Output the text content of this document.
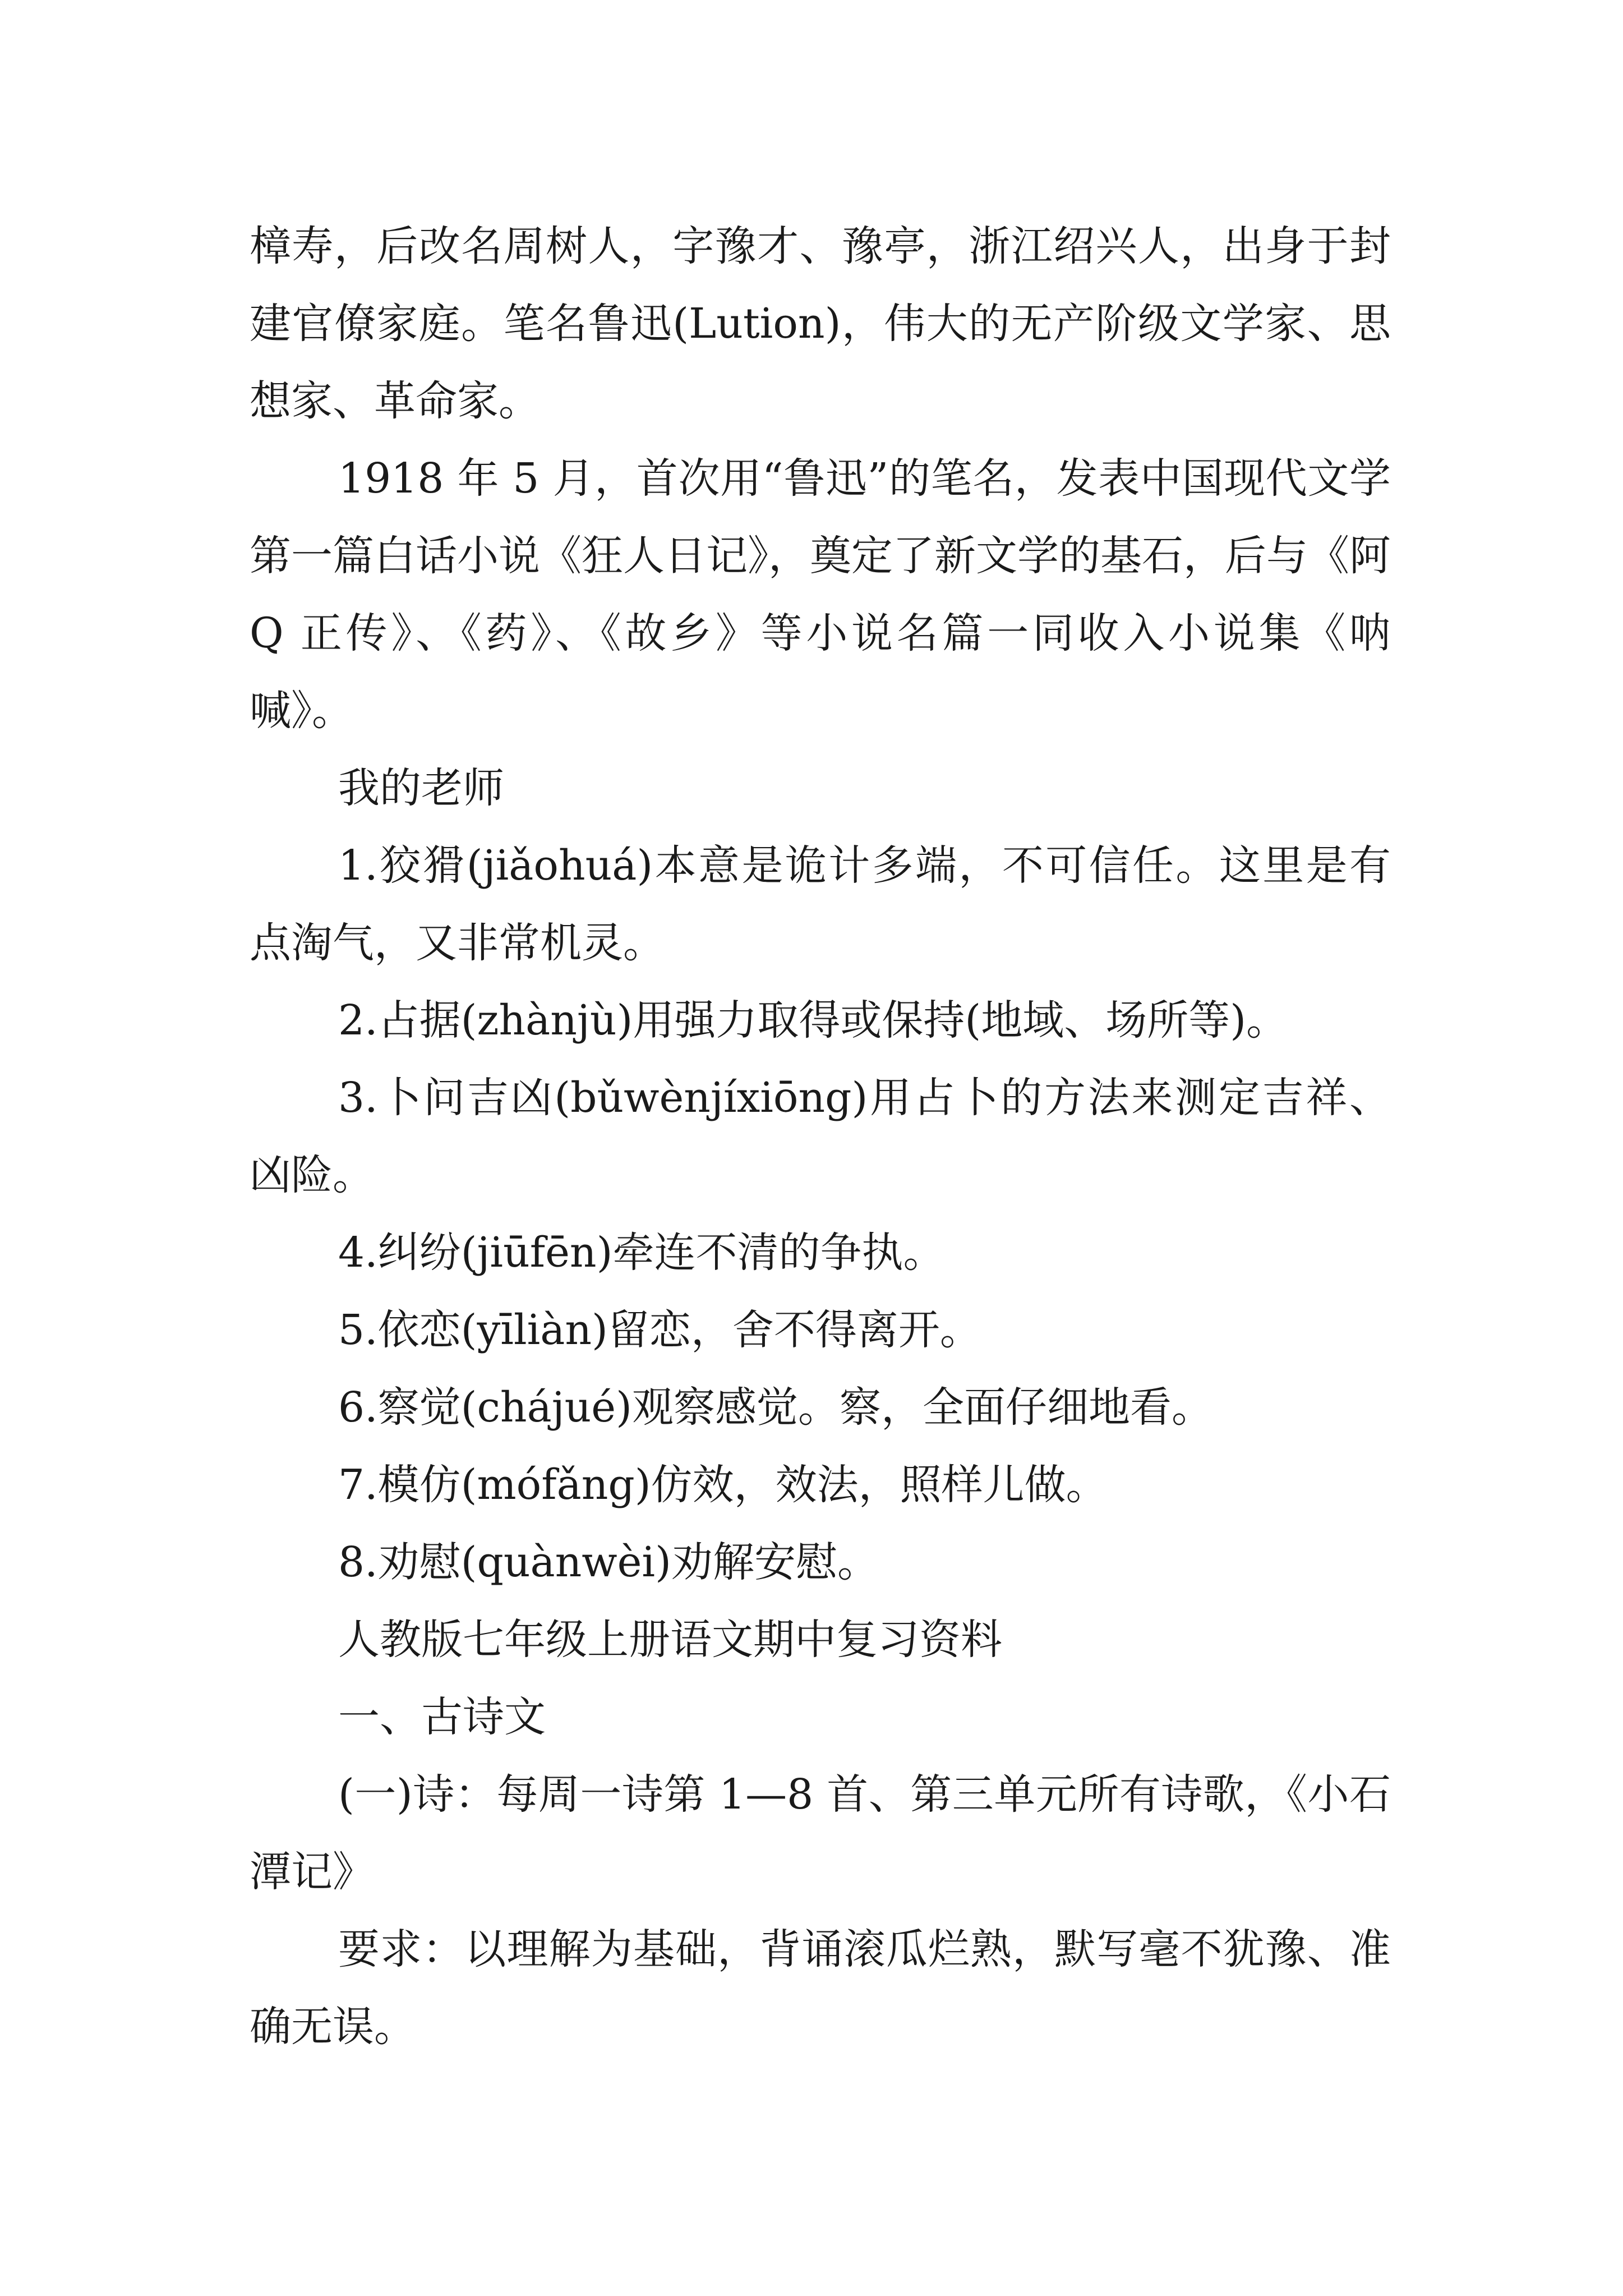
樟寿，后改名周树人，字豫才、豫亭，浙江绍兴人，出身于封建官僚家庭。笔名鲁迅(Lution)，伟大的无产阶级文学家、思想家、革命家。

1918 年 5 月，首次用“鲁迅”的笔名，发表中国现代文学第一篇白话小说《狂人日记》，奠定了新文学的基石，后与《阿 Q 正传》、《药》、《故乡》等小说名篇一同收入小说集《呐喊》。

我的老师

1.狡猾(jiǎohuá)本意是诡计多端，不可信任。这里是有点淘气，又非常机灵。

2.占据(zhànjù)用强力取得或保持(地域、场所等)。

3.卜问吉凶(bǔwènjíxiōng)用占卜的方法来测定吉祥、凶险。

4.纠纷(jiūfēn)牵连不清的争执。

5.依恋(yīliàn)留恋，舍不得离开。

6.察觉(chájué)观察感觉。察，全面仔细地看。

7.模仿(mófǎng)仿效，效法，照样儿做。

8.劝慰(quànwèi)劝解安慰。

人教版七年级上册语文期中复习资料

一、古诗文

(一)诗：每周一诗第 1—8 首、第三单元所有诗歌，《小石潭记》

要求：以理解为基础，背诵滚瓜烂熟，默写毫不犹豫、准确无误。
